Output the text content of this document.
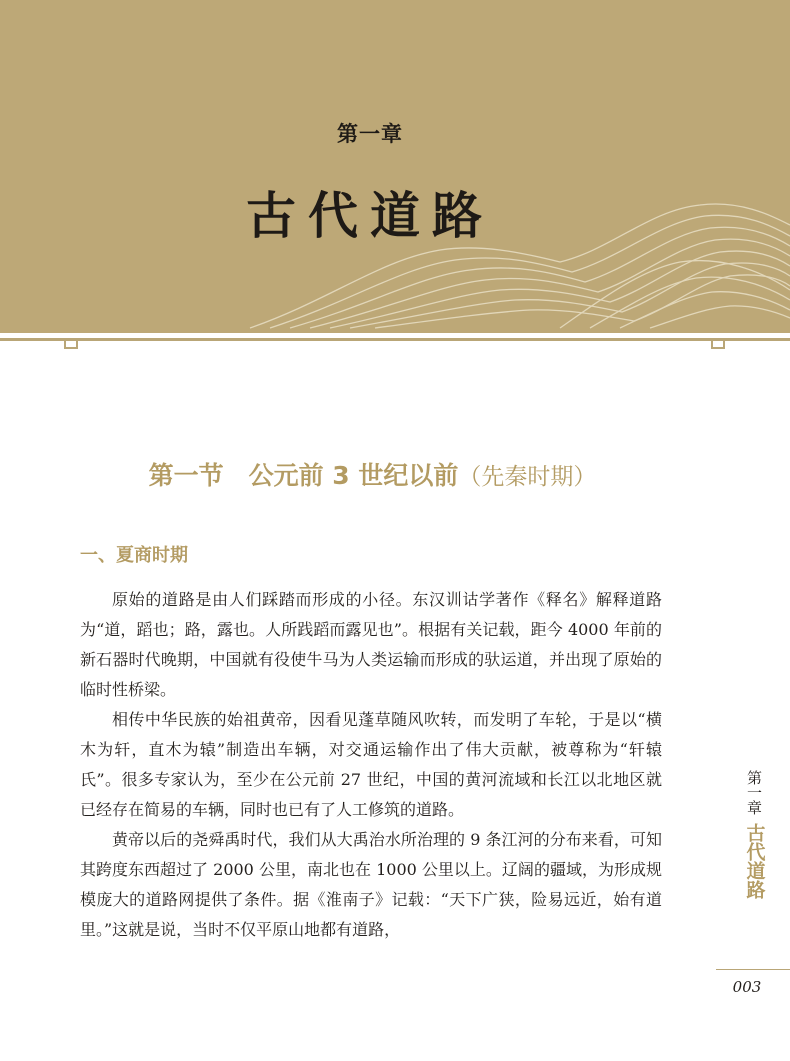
第一章
古代道路
第一节　公元前 3 世纪以前（先秦时期）
一、夏商时期

原始的道路是由人们踩踏而形成的小径。东汉训诂学著作《释名》解释道路为“道，蹈也；路，露也。人所践蹈而露见也”。根据有关记载，距今 4000 年前的新石器时代晚期，中国就有役使牛马为人类运输而形成的驮运道，并出现了原始的临时性桥梁。

相传中华民族的始祖黄帝，因看见蓬草随风吹转，而发明了车轮，于是以“横木为轩，直木为辕”制造出车辆，对交通运输作出了伟大贡献，被尊称为“轩辕氏”。很多专家认为，至少在公元前 27 世纪，中国的黄河流域和长江以北地区就已经存在简易的车辆，同时也已有了人工修筑的道路。

黄帝以后的尧舜禹时代，我们从大禹治水所治理的 9 条江河的分布来看，可知其跨度东西超过了 2000 公里，南北也在 1000 公里以上。辽阔的疆域，为形成规模庞大的道路网提供了条件。据《淮南子》记载：“天下广狭，险易远近，始有道里。”这就是说，当时不仅平原山地都有道路，

第一章
古代道路
003
